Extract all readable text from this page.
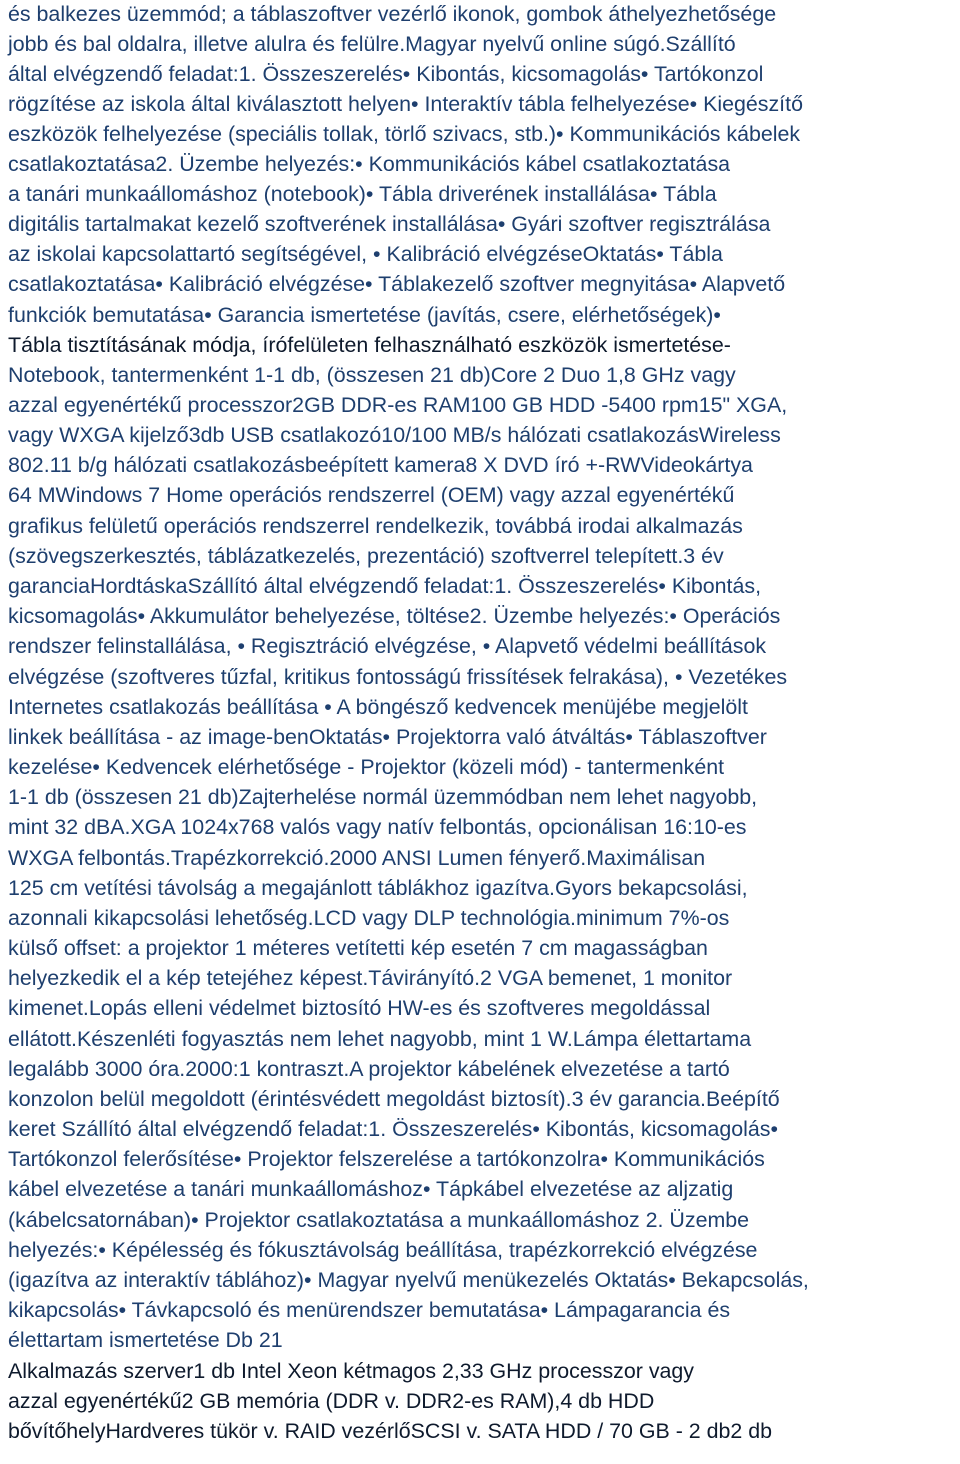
és balkezes üzemmód; a táblaszoftver vezérlő ikonok, gombok áthelyezhetősége
jobb és bal oldalra, illetve alulra és felülre.Magyar nyelvű online súgó.Szállító
által elvégzendő feladat:1. Összeszerelés• Kibontás, kicsomagolás• Tartókonzol
rögzítése az iskola által kiválasztott helyen• Interaktív tábla felhelyezése• Kiegészítő
eszközök felhelyezése (speciális tollak, törlő szivacs, stb.)• Kommunikációs kábelek
csatlakoztatása2. Üzembe helyezés:• Kommunikációs kábel csatlakoztatása
a tanári munkaállomáshoz (notebook)• Tábla driverének installálása• Tábla
digitális tartalmakat kezelő szoftverének installálása• Gyári szoftver regisztrálása
az iskolai kapcsolattartó segítségével, • Kalibráció elvégzéseOktatás• Tábla
csatlakoztatása• Kalibráció elvégzése• Táblakezelő szoftver megnyitása• Alapvető
funkciók bemutatása• Garancia ismertetése (javítás, csere, elérhetőségek)•
Tábla tisztításának módja, írófelületen felhasználható eszközök ismertetése-
Notebook, tantermenként 1-1 db, (összesen 21 db)Core 2 Duo 1,8 GHz vagy
azzal egyenértékű processzor2GB DDR-es RAM100 GB HDD -5400 rpm15" XGA,
vagy WXGA kijelző3db USB csatlakozó10/100 MB/s hálózati csatlakozásWireless
802.11 b/g hálózati csatlakozásbeépített kamera8 X DVD író +-RWVideokártya
64 MWindows 7 Home operációs rendszerrel (OEM) vagy azzal egyenértékű
grafikus felületű operációs rendszerrel rendelkezik, továbbá irodai alkalmazás
(szövegszerkesztés, táblázatkezelés, prezentáció) szoftverrel telepített.3 év
garanciaHordtáskaSzállító által elvégzendő feladat:1. Összeszerelés• Kibontás,
kicsomagolás• Akkumulátor behelyezése, töltése2. Üzembe helyezés:• Operációs
rendszer felinstallálása, • Regisztráció elvégzése, • Alapvető védelmi beállítások
elvégzése (szoftveres tűzfal, kritikus fontosságú frissítések felrakása), • Vezetékes
Internetes csatlakozás beállítása • A böngésző kedvencek menüjébe megjelölt
linkek beállítása - az image-benOktatás• Projektorra való átváltás• Táblaszoftver
kezelése• Kedvencek elérhetősége - Projektor (közeli mód) - tantermenként
1-1 db (összesen 21 db)Zajterhelése normál üzemmódban nem lehet nagyobb,
mint 32 dBA.XGA 1024x768 valós vagy natív felbontás, opcionálisan 16:10-es
WXGA felbontás.Trapézkorrekció.2000 ANSI Lumen fényerő.Maximálisan
125 cm vetítési távolság a megajánlott táblákhoz igazítva.Gyors bekapcsolási,
azonnali kikapcsolási lehetőség.LCD vagy DLP technológia.minimum 7%-os
külső offset: a projektor 1 méteres vetítetti kép esetén 7 cm magasságban
helyezkedik el a kép tetejéhez képest.Távirányító.2 VGA bemenet, 1 monitor
kimenet.Lopás elleni védelmet biztosító HW-es és szoftveres megoldással
ellátott.Készenléti fogyasztás nem lehet nagyobb, mint 1 W.Lámpa élettartama
legalább 3000 óra.2000:1 kontraszt.A projektor kábelének elvezetése a tartó
konzolon belül megoldott (érintésvédett megoldást biztosít).3 év garancia.Beépítő
keret Szállító által elvégzendő feladat:1. Összeszerelés• Kibontás, kicsomagolás•
Tartókonzol felerősítése• Projektor felszerelése a tartókonzolra• Kommunikációs
kábel elvezetése a tanári munkaállomáshoz• Tápkábel elvezetése az aljzatig
(kábelcsatornában)• Projektor csatlakoztatása a munkaállomáshoz 2. Üzembe
helyezés:• Képélesség és fókusztávolság beállítása, trapézkorrekció elvégzése
(igazítva az interaktív táblához)• Magyar nyelvű menükezelés Oktatás• Bekapcsolás,
kikapcsolás• Távkapcsoló és menürendszer bemutatása• Lámpagarancia és
élettartam ismertetése Db 21
Alkalmazás szerver1 db Intel Xeon kétmagos 2,33 GHz processzor vagy
azzal egyenértékű2 GB memória (DDR v. DDR2-es RAM),4 db HDD
bővítőhelyHardveres tükör v. RAID vezérlőSCSI v. SATA HDD / 70 GB - 2 db2 db
